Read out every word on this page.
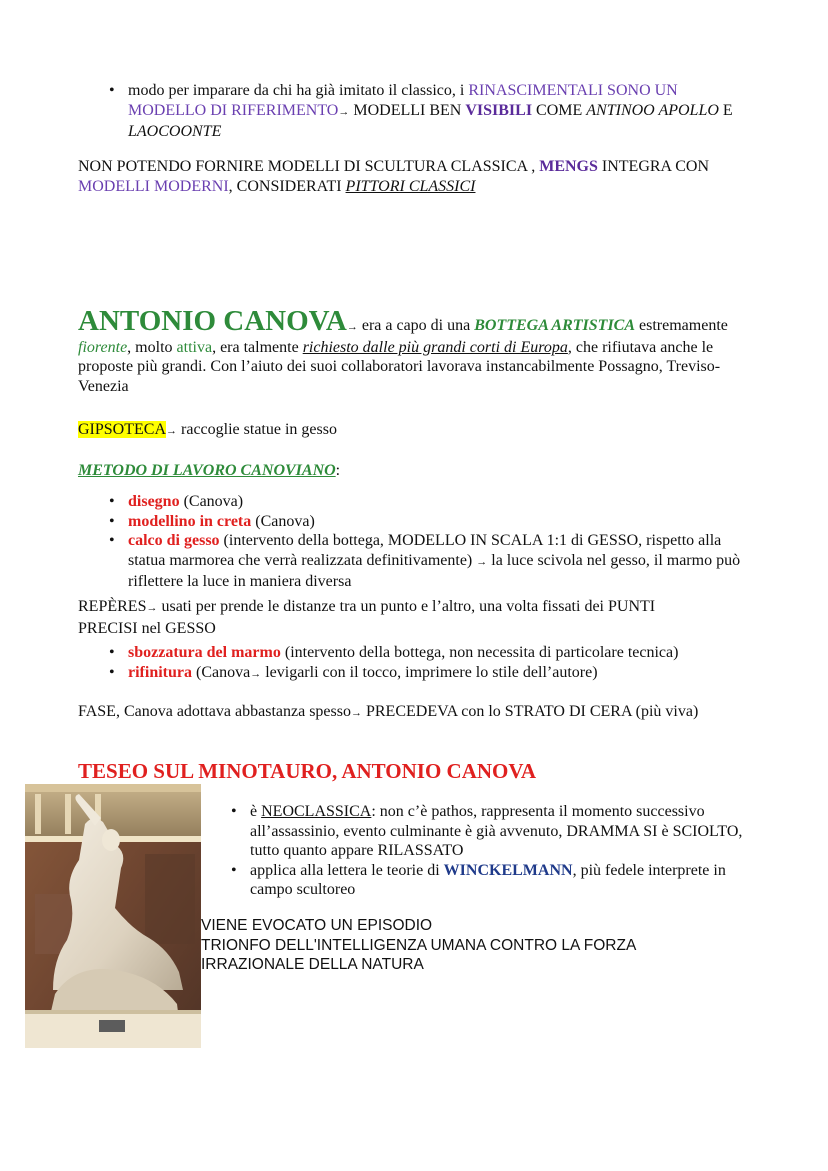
• modo per imparare da chi ha già imitato il classico, i RINASCIMENTALI SONO UN MODELLO DI RIFERIMENTO→ MODELLI BEN VISIBILI COME ANTINOO APOLLO E LAOCOONTE

NON POTENDO FORNIRE MODELLI DI SCULTURA CLASSICA , MENGS INTEGRA CON MODELLI MODERNI, CONSIDERATI PITTORI CLASSICI

ANTONIO CANOVA→ era a capo di una BOTTEGA ARTISTICA estremamente fiorente, molto attiva, era talmente richiesto dalle più grandi corti di Europa, che rifiutava anche le proposte più grandi. Con l’aiuto dei suoi collaboratori lavorava instancabilmente Possagno, Treviso-Venezia

GIPSOTECA→ raccoglie statue in gesso

METODO DI LAVORO CANOVIANO:

• disegno (Canova)
• modellino in creta (Canova)
• calco di gesso (intervento della bottega, MODELLO IN SCALA 1:1 di GESSO, rispetto alla statua marmorea che verrà realizzata definitivamente) → la luce scivola nel gesso, il marmo può riflettere la luce in maniera diversa

REPÈRES→ usati per prende le distanze tra un punto e l’altro, una volta fissati dei PUNTI PRECISI nel GESSO

• sbozzatura del marmo (intervento della bottega, non necessita di particolare tecnica)
• rifinitura (Canova→ levigarli con il tocco, imprimere lo stile dell’autore)

FASE, Canova adottava abbastanza spesso→ PRECEDEVA con lo STRATO DI CERA (più viva)

TESEO SUL MINOTAURO, ANTONIO CANOVA
• è NEOCLASSICA: non c’è pathos, rappresenta il momento successivo all’assassinio, evento culminante è già avvenuto, DRAMMA SI è SCIOLTO, tutto quanto appare RILASSATO
• applica alla lettera le teorie di WINCKELMANN, più fedele interprete in campo scultoreo
VIENE EVOCATO UN EPISODIO
TRIONFO DELL'INTELLIGENZA UMANA CONTRO LA FORZA
IRRAZIONALE DELLA NATURA
